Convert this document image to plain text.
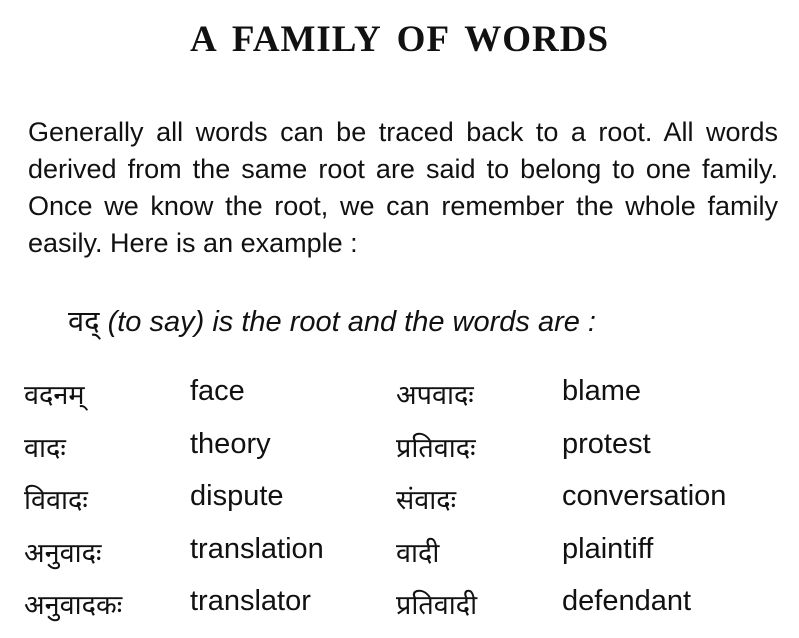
A FAMILY OF WORDS
Generally all words can be traced back to a root. All words derived from the same root are said to belong to one family. Once we know the root, we can remember the whole family easily. Here is an example :
वद् (to say) is the root and the words are :
वदनम्	face	अपवादः	blame
वादः	theory	प्रतिवादः	protest
विवादः	dispute	संवादः	conversation
अनुवादः	translation	वादी	plaintiff
अनुवादकः translator	प्रतिवादी	defendant
